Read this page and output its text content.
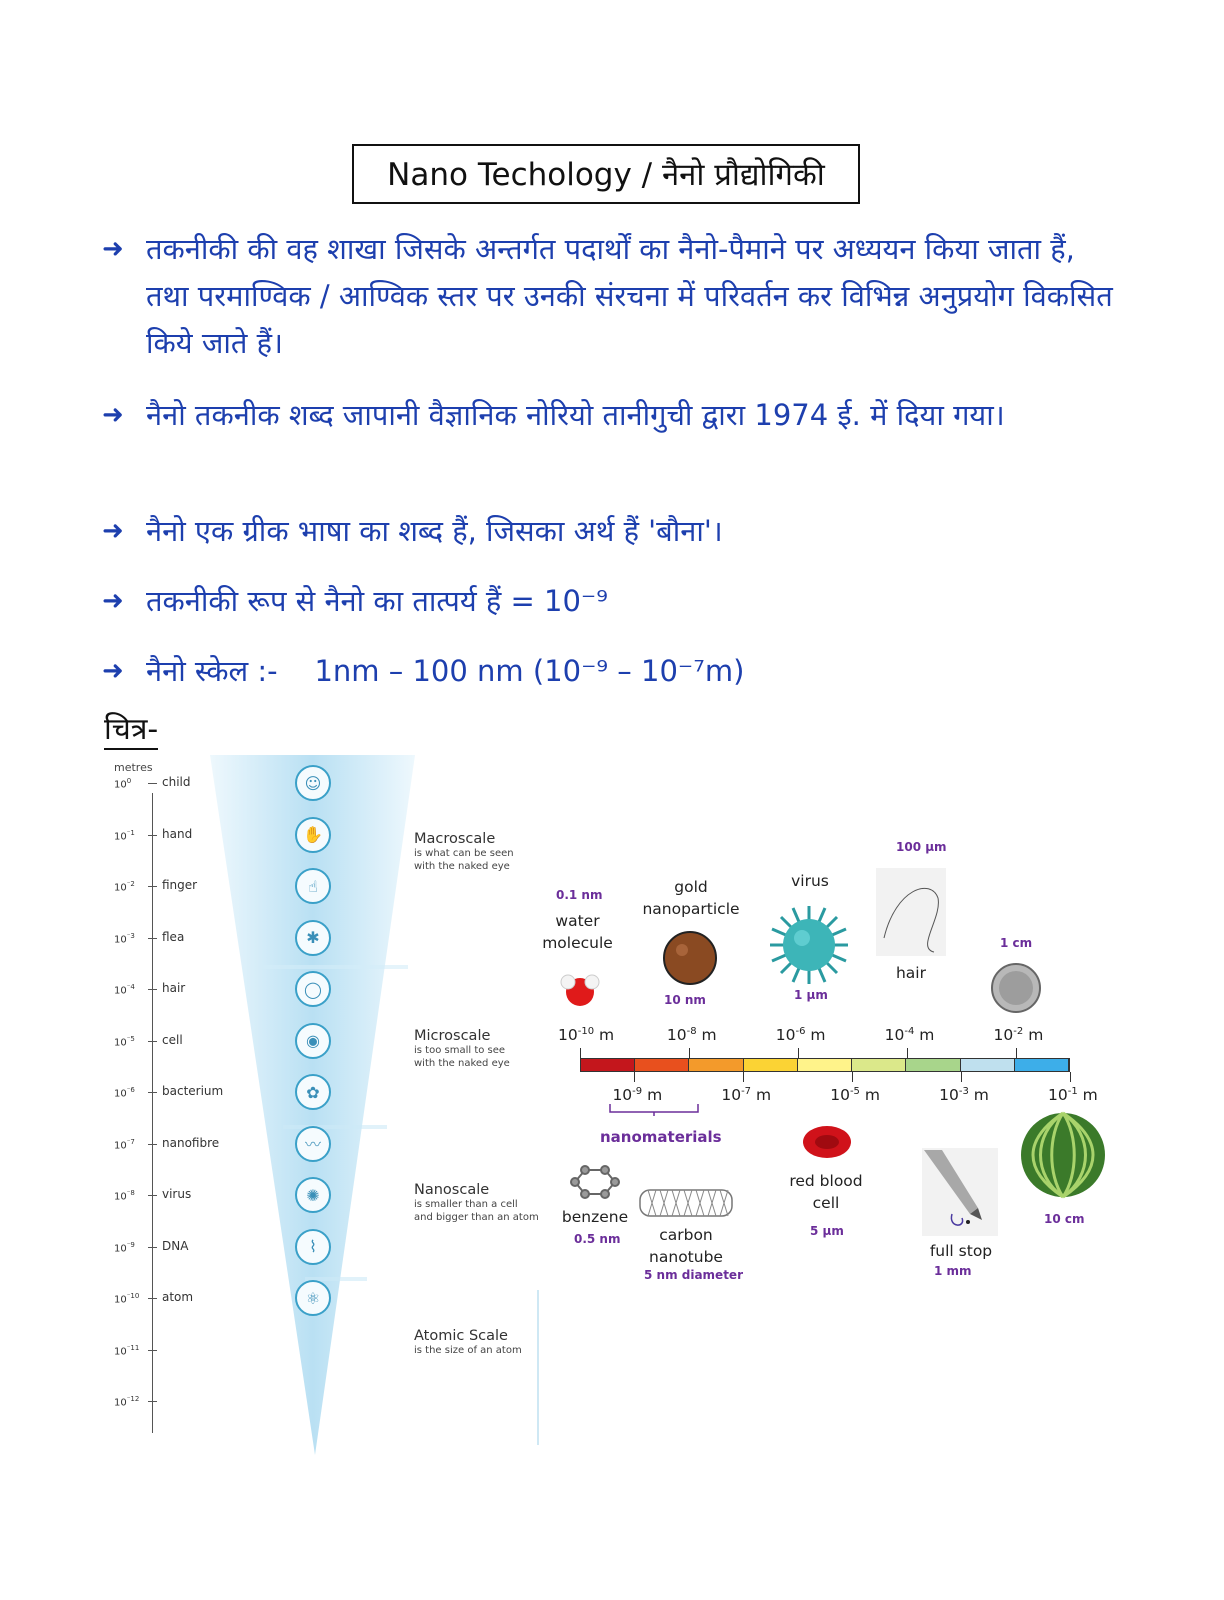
Nano Techology / नैनो प्रौद्योगिकी
➜ तकनीकी की वह शाखा जिसके अन्तर्गत पदार्थों का नैनो-पैमाने पर अध्ययन किया जाता हैं, तथा परमाण्विक / आण्विक स्तर पर उनकी संरचना में परिवर्तन कर विभिन्न अनुप्रयोग विकसित किये जाते हैं।
➜ नैनो तकनीक शब्द जापानी वैज्ञानिक नोरियो तानीगुची द्वारा 1974 ई. में दिया गया।
➜ नैनो एक ग्रीक भाषा का शब्द हैं, जिसका अर्थ हैं 'बौना'।
➜ तकनीकी रूप से नैनो का तात्पर्य हैं = 10⁻⁹
➜ नैनो स्केल :- 1nm – 100 nm (10⁻⁹ – 10⁻⁷m)
चित्र-
metres
$10^0$	child	☺
$10^{^-1}$ hand	✋
$10^{^-2}$ finger	☝
$10^{^-3}$ flea	✱
$10^{^-4}$ hair	◯
$10^{^-5}$ cell	◉
$10^{^-6}$ bacterium	✿
$10^{^-7}$ nanofibre	〰
$10^{^-8}$ virus	✺
$10^{^-9}$ DNA	⌇
$10^{^-10}$ atom	⚛
$10^{^-11}$
$10^{^-12}$
Macroscale
is what can be seen with the naked eye
Microscale
is too small to see with the naked eye
Nanoscale
is smaller than a cell and bigger than an atom
Atomic Scale
is the size of an atom
0.1 nm
water molecule
gold nanoparticle
10 nm
virus
1 μm
100 μm
hair
1 cm
nanomaterials
benzene
0.5 nm	carbon nanotube
5 nm diameter
red blood cell
5 μm
full stop
1 mm
10 cm
$10^{-10}$ m
$10^{-9}$ m
$10^{-8}$ m
$10^{-7}$ m
$10^{-6}$ m
$10^{-5}$ m
$10^{-4}$ m
$10^{-3}$ m
$10^{-2}$ m
$10^{-1}$ m
